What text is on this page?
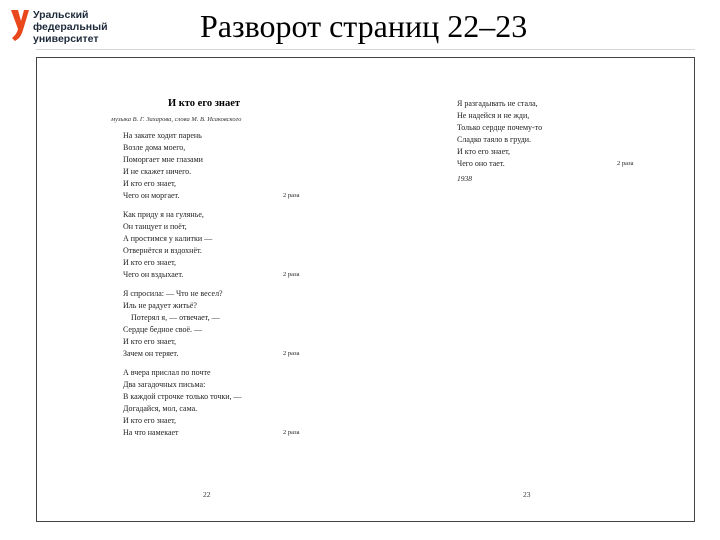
Уральский
федеральный
университет	Разворот страниц 22–23
И кто его знает
музыка В. Г. Захарова, слова М. В. Исаковского
На закате ходит парень
Возле дома моего,
Поморгает мне глазами
И не скажет ничего.
И кто его знает,
Чего он моргает.	2 раза
Как приду я на гулянье,
Он танцует и поёт,
А простимся у калитки —
Отвернётся и вздохнёт.
И кто его знает,
Чего он вздыхает.	2 раза
Я спросила: — Что не весел?
Иль не радует житьё?
Потерял я, — отвечает, —
Сердце бедное своё. —
И кто его знает,
Зачем он теряет.	2 раза
А вчера прислал по почте
Два загадочных письма:
В каждой строчке только точки, —
Догадайся, мол, сама.
И кто его знает,
На что намекает	2 раза
Я разгадывать не стала,
Не надейся и не жди,
Только сердце почему-то
Сладко таяло в груди.
И кто его знает,
Чего оно тает.	2 раза
1938
22	23
